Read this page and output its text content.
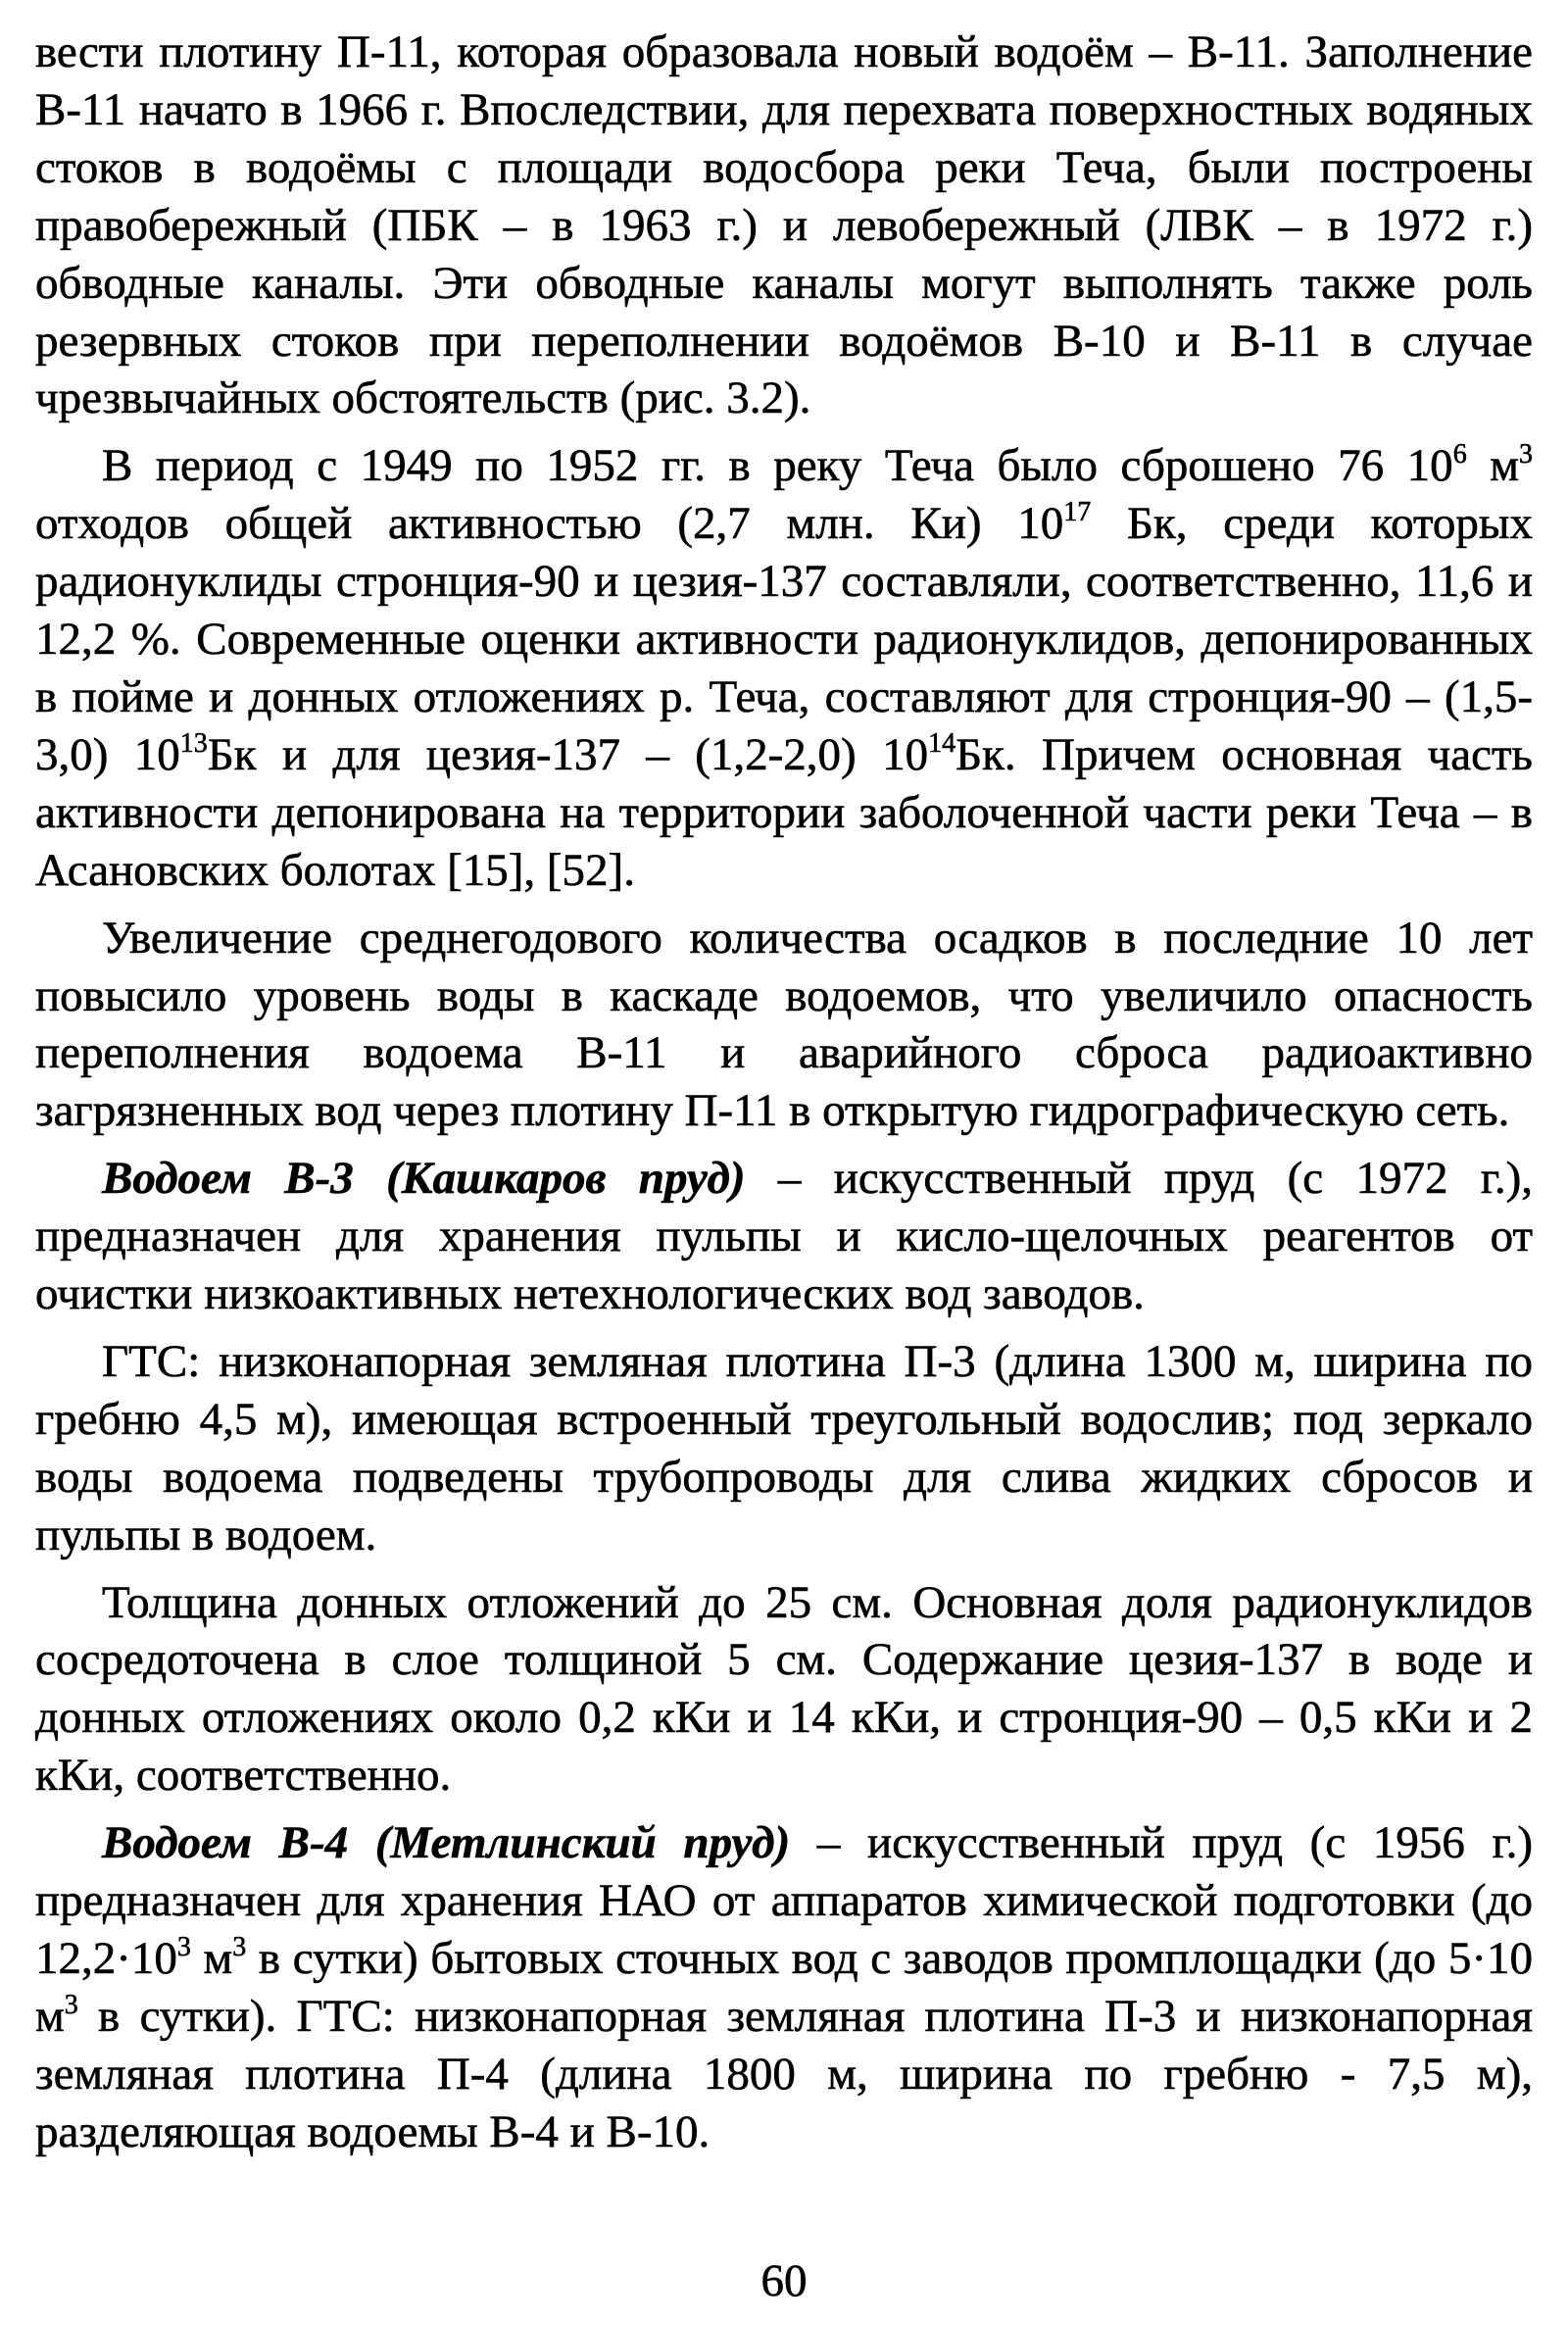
вести плотину П-11, которая образовала новый водоём – В-11. Заполнение В-11 начато в 1966 г. Впоследствии, для перехвата поверхностных водяных стоков в водоёмы с площади водосбора реки Теча, были построены правобережный (ПБК – в 1963 г.) и левобережный (ЛВК – в 1972 г.) обводные каналы. Эти обводные каналы могут выполнять также роль резервных стоков при переполнении водоёмов В-10 и В-11 в случае чрезвычайных обстоятельств (рис. 3.2).

В период с 1949 по 1952 гг. в реку Теча было сброшено 76 $10^6$ $м^3$ отходов общей активностью (2,7 млн. Ки) $10^{17}$ Бк, среди которых радионуклиды стронция-90 и цезия-137 составляли, соответственно, 11,6 и 12,2 %. Современные оценки активности радионуклидов, депонированных в пойме и донных отложениях р. Теча, составляют для стронция-90 – (1,5-3,0) $10^{13}Бк$ и для цезия-137 – (1,2-2,0) $10^{14}Бк$. Причем основная часть активности депонирована на территории заболоченной части реки Теча – в Асановских болотах [15], [52].

Увеличение среднегодового количества осадков в последние 10 лет повысило уровень воды в каскаде водоемов, что увеличило опасность переполнения водоема В-11 и аварийного сброса радиоактивно загрязненных вод через плотину П-11 в открытую гидрографическую сеть.

Водоем В-3 (Кашкаров пруд) – искусственный пруд (с 1972 г.), предназначен для хранения пульпы и кисло-щелочных реагентов от очистки низкоактивных нетехнологических вод заводов.

ГТС: низконапорная земляная плотина П-3 (длина 1300 м, ширина по гребню 4,5 м), имеющая встроенный треугольный водослив; под зеркало воды водоема подведены трубопроводы для слива жидких сбросов и пульпы в водоем.

Толщина донных отложений до 25 см. Основная доля радионуклидов сосредоточена в слое толщиной 5 см. Содержание цезия-137 в воде и донных отложениях около 0,2 кКи и 14 кКи, и стронция-90 – 0,5 кКи и 2 кКи, соответственно.

Водоем В-4 (Метлинский пруд) – искусственный пруд (с 1956 г.) предназначен для хранения НАО от аппаратов химической подготовки (до $12,2\cdot 10^3$ $м^3$ в сутки) бытовых сточных вод с заводов промплощадки (до 5·10 $м^3$ в сутки). ГТС: низконапорная земляная плотина П-3 и низконапорная земляная плотина П-4 (длина 1800 м, ширина по гребню - 7,5 м), разделяющая водоемы В-4 и В-10.

60
